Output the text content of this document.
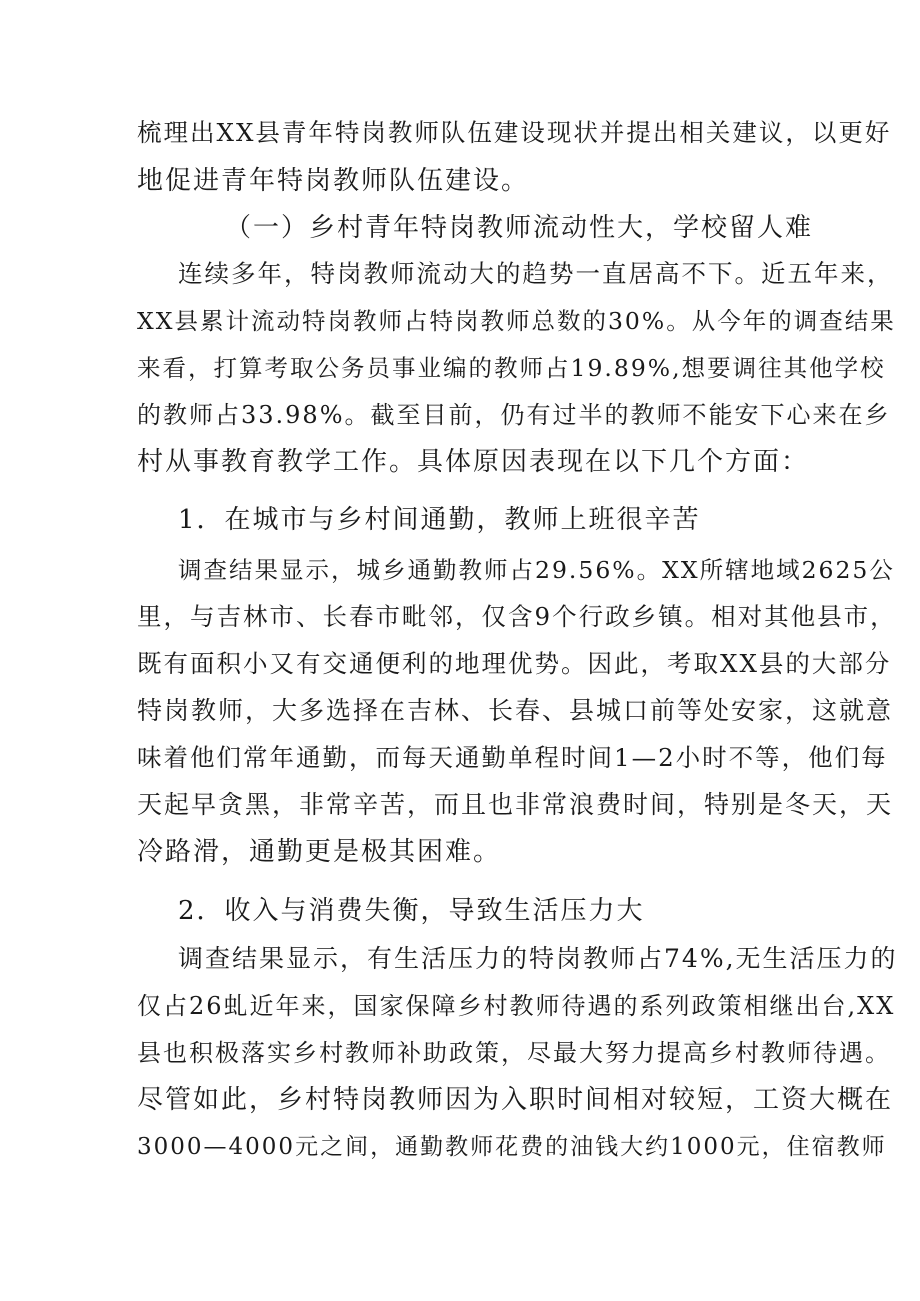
梳理出XX县青年特岗教师队伍建设现状并提出相关建议，以更好
地促进青年特岗教师队伍建设。
（一）乡村青年特岗教师流动性大，学校留人难
连续多年，特岗教师流动大的趋势一直居高不下。近五年来，
XX县累计流动特岗教师占特岗教师总数的30%。从今年的调查结果
来看，打算考取公务员事业编的教师占19.89%,想要调往其他学校
的教师占33.98%。截至目前，仍有过半的教师不能安下心来在乡
村从事教育教学工作。具体原因表现在以下几个方面：
1．在城市与乡村间通勤，教师上班很辛苦
调查结果显示，城乡通勤教师占29.56%。XX所辖地域2625公
里，与吉林市、长春市毗邻，仅含9个行政乡镇。相对其他县市，
既有面积小又有交通便利的地理优势。因此，考取XX县的大部分
特岗教师，大多选择在吉林、长春、县城口前等处安家，这就意
味着他们常年通勤，而每天通勤单程时间1—2小时不等，他们每
天起早贪黑，非常辛苦，而且也非常浪费时间，特别是冬天，天
冷路滑，通勤更是极其困难。
2．收入与消费失衡，导致生活压力大
调查结果显示，有生活压力的特岗教师占74%,无生活压力的
仅占26虬近年来，国家保障乡村教师待遇的系列政策相继出台,XX
县也积极落实乡村教师补助政策，尽最大努力提高乡村教师待遇。
尽管如此，乡村特岗教师因为入职时间相对较短，工资大概在
3000—4000元之间，通勤教师花费的油钱大约1000元，住宿教师
